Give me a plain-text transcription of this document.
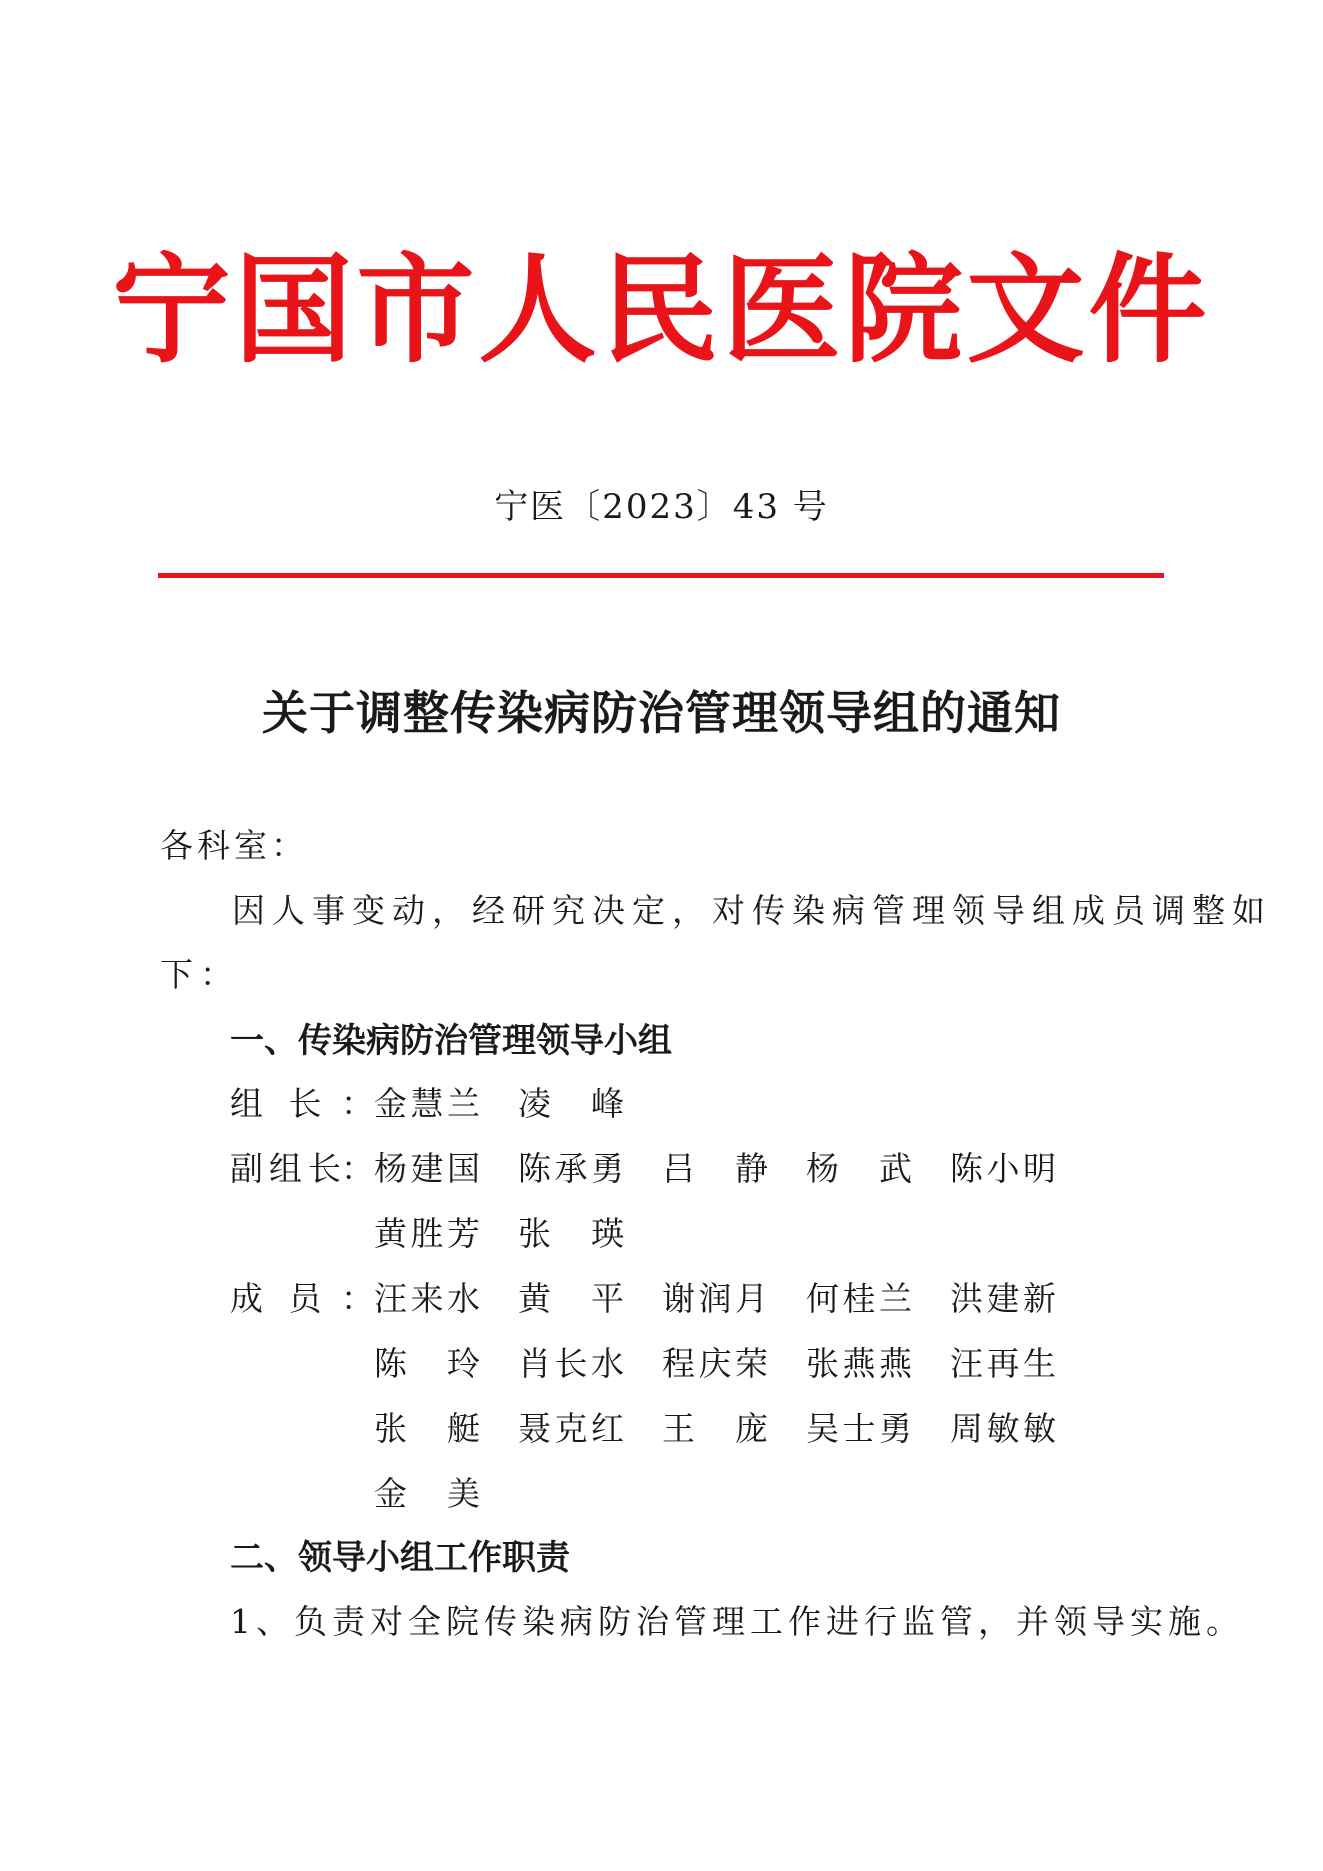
宁国市人民医院文件
宁医〔2023〕43 号
关于调整传染病防治管理领导组的通知
各科室：
因人事变动，经研究决定，对传染病管理领导组成员调整如
下：
一、传染病防治管理领导小组
组 长 ： 金 慧 兰 凌 峰
副 组 长 ： 杨 建 国 陈 承 勇 吕 静 杨 武 陈 小 明
黄 胜 芳 张 瑛
成 员 ： 汪 来 水 黄 平 谢 润 月 何 桂 兰 洪 建 新
陈 玲 肖 长 水 程 庆 荣 张 燕 燕 汪 再 生
张 艇 聂 克 红 王 庞 吴 士 勇 周 敏 敏
金 美
二、领导小组工作职责
1、负责对全院传染病防治管理工作进行监管，并领导实施。
